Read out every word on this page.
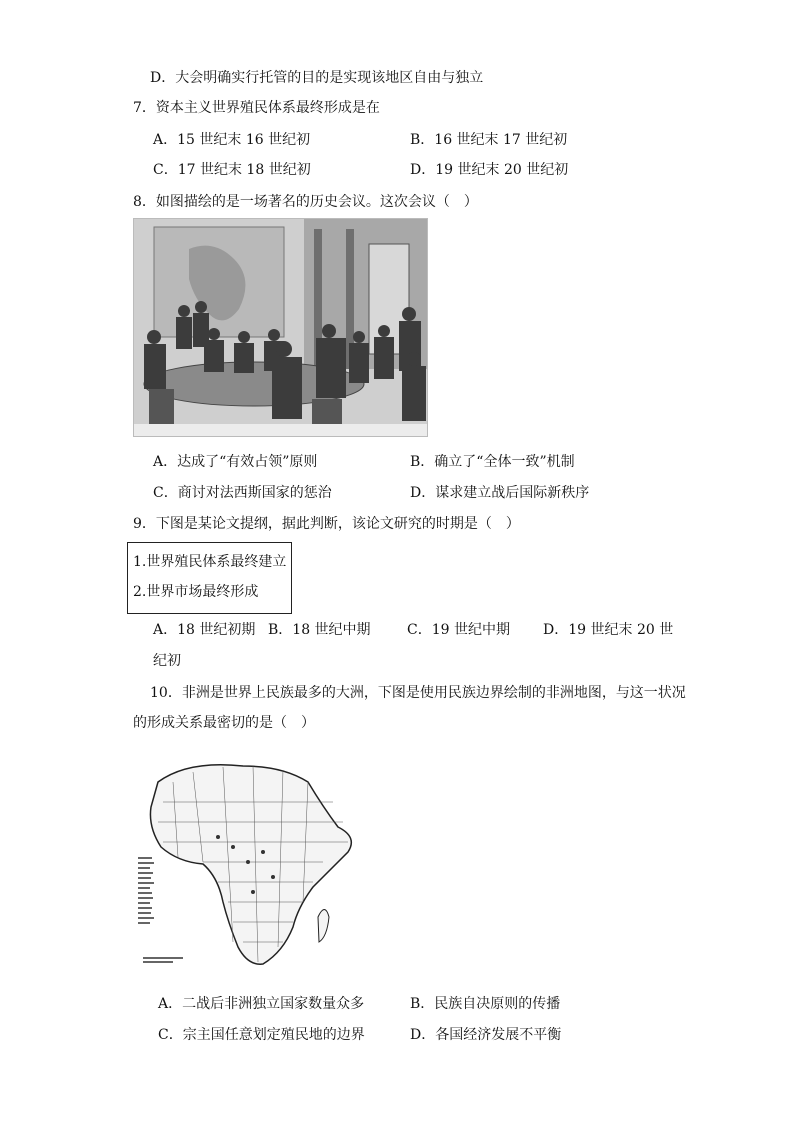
D．大会明确实行托管的目的是实现该地区自由与独立
7．资本主义世界殖民体系最终形成是在
A．15 世纪末 16 世纪初	B．16 世纪末 17 世纪初
C．17 世纪末 18 世纪初	D．19 世纪末 20 世纪初
8．如图描绘的是一场著名的历史会议。这次会议（　）
A．达成了“有效占领”原则	B．确立了“全体一致”机制
C．商讨对法西斯国家的惩治	D．谋求建立战后国际新秩序
9．下图是某论文提纲，据此判断，该论文研究的时期是（　）
1.世界殖民体系最终建立
2.世界市场最终形成
A．18 世纪初期 B．18 世纪中期	C．19 世纪中期 D．19 世纪末 20 世
纪初
10．非洲是世界上民族最多的大洲，下图是使用民族边界绘制的非洲地图，与这一状况
的形成关系最密切的是（　）
A．二战后非洲独立国家数量众多	B．民族自决原则的传播
C．宗主国任意划定殖民地的边界	D．各国经济发展不平衡
